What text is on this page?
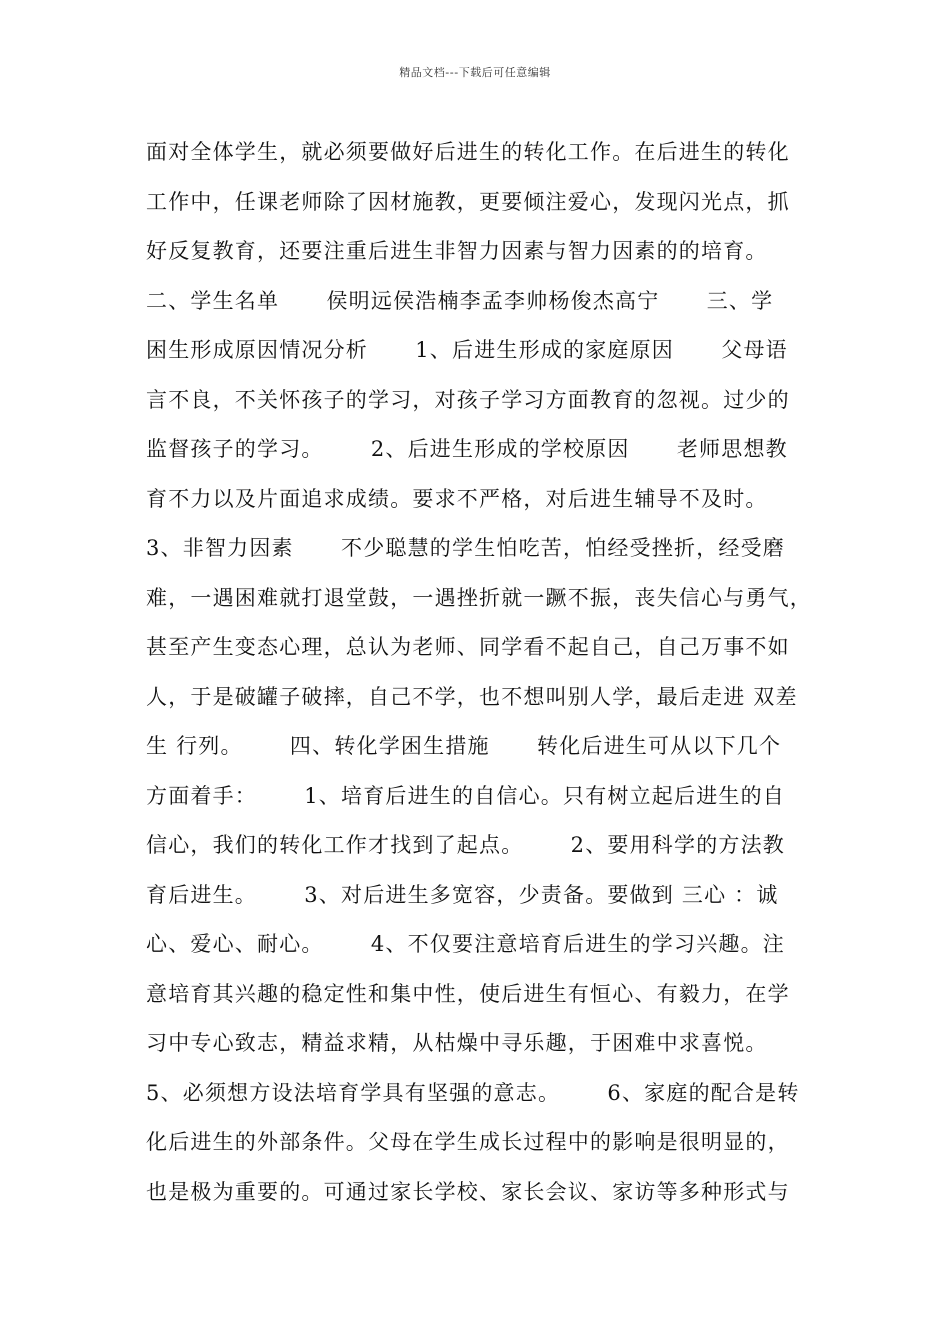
精品文档---下载后可任意编辑
面对全体学生，就必须要做好后进生的转化工作。在后进生的转化
工作中，任课老师除了因材施教，更要倾注爱心，发现闪光点，抓
好反复教育，还要注重后进生非智力因素与智力因素的的培育。
二、学生名单      侯明远侯浩楠李孟李帅杨俊杰高宁      三、学
困生形成原因情况分析      1、后进生形成的家庭原因      父母语
言不良，不关怀孩子的学习，对孩子学习方面教育的忽视。过少的
监督孩子的学习。      2、后进生形成的学校原因      老师思想教
育不力以及片面追求成绩。要求不严格，对后进生辅导不及时。
3、非智力因素      不少聪慧的学生怕吃苦，怕经受挫折，经受磨
难，一遇困难就打退堂鼓，一遇挫折就一蹶不振，丧失信心与勇气，
甚至产生变态心理，总认为老师、同学看不起自己，自己万事不如
人，于是破罐子破摔，自己不学，也不想叫别人学，最后走进 双差
生 行列。      四、转化学困生措施      转化后进生可从以下几个
方面着手：      1、培育后进生的自信心。只有树立起后进生的自
信心，我们的转化工作才找到了起点。      2、要用科学的方法教
育后进生。      3、对后进生多宽容，少责备。要做到 三心 ：诚
心、爱心、耐心。      4、不仅要注意培育后进生的学习兴趣。注
意培育其兴趣的稳定性和集中性，使后进生有恒心、有毅力，在学
习中专心致志，精益求精，从枯燥中寻乐趣，于困难中求喜悦。
5、必须想方设法培育学具有坚强的意志。      6、家庭的配合是转
化后进生的外部条件。父母在学生成长过程中的影响是很明显的，
也是极为重要的。可通过家长学校、家长会议、家访等多种形式与
